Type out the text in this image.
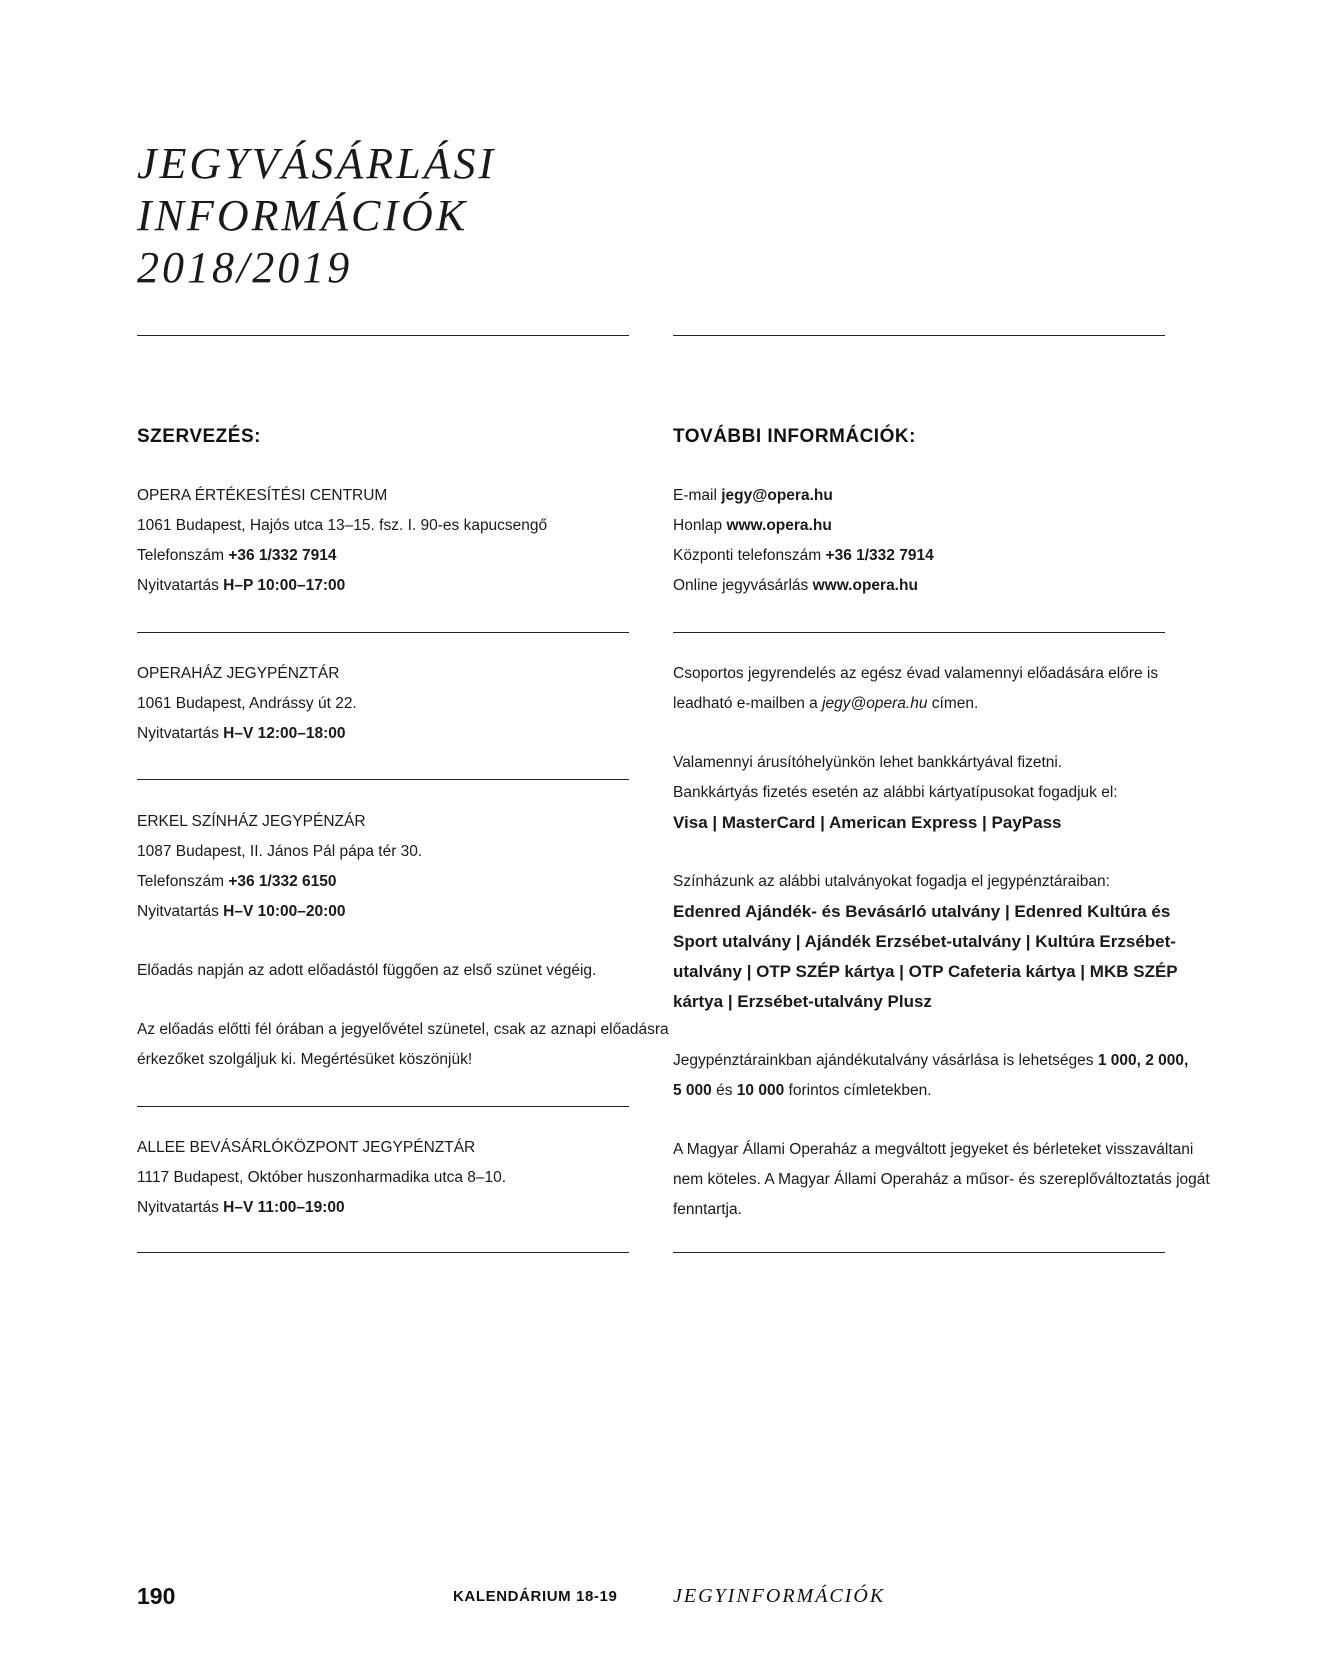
JEGYVÁSÁRLÁSI
INFORMÁCIÓK
2018/2019
SZERVEZÉS:

OPERA ÉRTÉKESÍTÉSI CENTRUM

1061 Budapest, Hajós utca 13–15. fsz. I. 90-es kapucsengő

Telefonszám +36 1/332 7914

Nyitvatartás H–P 10:00–17:00

OPERAHÁZ JEGYPÉNZTÁR

1061 Budapest, Andrássy út 22.

Nyitvatartás H–V 12:00–18:00

ERKEL SZÍNHÁZ JEGYPÉNZÁR

1087 Budapest, II. János Pál pápa tér 30.

Telefonszám +36 1/332 6150

Nyitvatartás H–V 10:00–20:00

Előadás napján az adott előadástól függően az első szünet végéig.

Az előadás előtti fél órában a jegyelővétel szünetel, csak az aznapi előadásra

érkezőket szolgáljuk ki. Megértésüket köszönjük!

ALLEE BEVÁSÁRLÓKÖZPONT JEGYPÉNZTÁR

1117 Budapest, Október huszonharmadika utca 8–10.

Nyitvatartás H–V 11:00–19:00

TOVÁBBI INFORMÁCIÓK:

E-mail jegy@opera.hu

Honlap www.opera.hu

Központi telefonszám +36 1/332 7914

Online jegyvásárlás www.opera.hu

Csoportos jegyrendelés az egész évad valamennyi előadására előre is

leadható e-mailben a jegy@opera.hu címen.

Valamennyi árusítóhelyünkön lehet bankkártyával fizetni.

Bankkártyás fizetés esetén az alábbi kártyatípusokat fogadjuk el:

Visa | MasterCard | American Express | PayPass

Színházunk az alábbi utalványokat fogadja el jegypénztáraiban:

Edenred Ajándék- és Bevásárló utalvány | Edenred Kultúra és

Sport utalvány | Ajándék Erzsébet-utalvány | Kultúra Erzsébet-

utalvány | OTP SZÉP kártya | OTP Cafeteria kártya | MKB SZÉP

kártya | Erzsébet-utalvány Plusz

Jegypénztárainkban ajándékutalvány vásárlása is lehetséges 1 000, 2 000,

5 000 és 10 000 forintos címletekben.

A Magyar Állami Operaház a megváltott jegyeket és bérleteket visszaváltani

nem köteles. A Magyar Állami Operaház a műsor- és szereplőváltoztatás jogát

fenntartja.

190	KALENDÁRIUM 18-19	JEGYINFORMÁCIÓK
